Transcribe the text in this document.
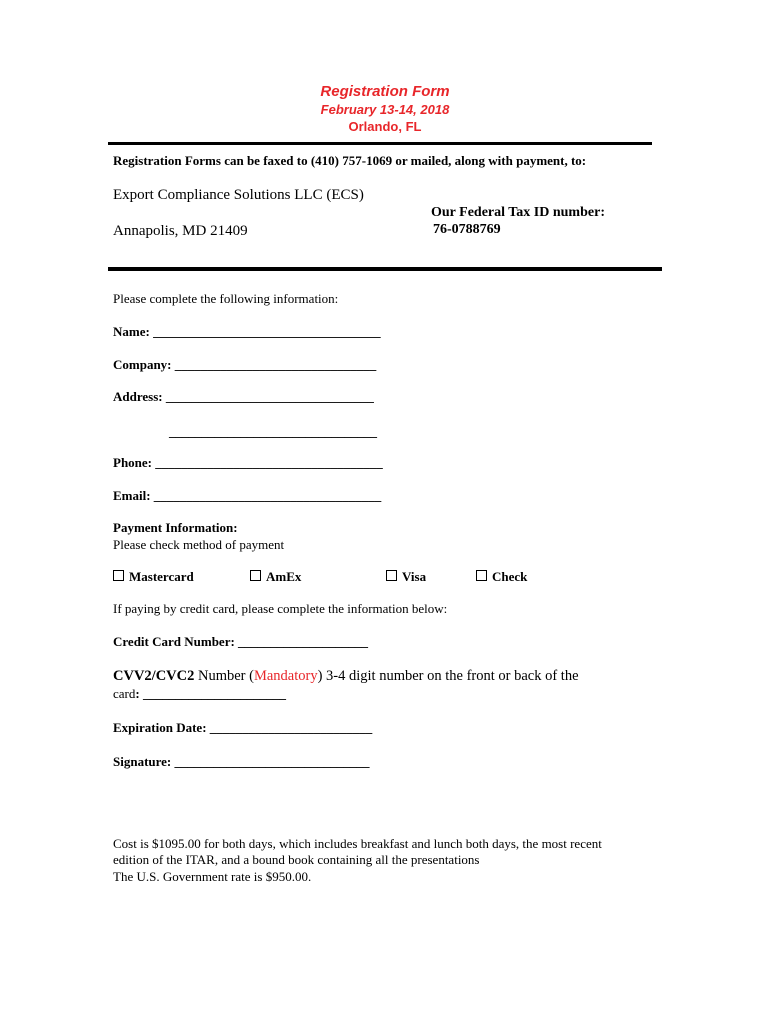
Registration Form
February 13-14, 2018
Orlando, FL
Registration Forms can be faxed to (410) 757-1069 or mailed, along with payment, to:
Export Compliance Solutions LLC (ECS)
Annapolis, MD 21409
Our Federal Tax ID number:
76-0788769
Please complete the following information:
Name: ___________________________________
Company: _______________________________
Address: ________________________________
________________________________
Phone: ___________________________________
Email: ___________________________________
Payment Information:
Please check method of payment
Mastercard	AmEx	Visa	Check
If paying by credit card, please complete the information below:
Credit Card Number: ____________________
CVV2/CVC2 Number (Mandatory) 3-4 digit number on the front or back of the
card: ______________________
Expiration Date: _________________________
Signature: ______________________________
Cost is $1095.00 for both days, which includes breakfast and lunch both days, the most recent
edition of the ITAR, and a bound book containing all the presentations
The U.S. Government rate is $950.00.
